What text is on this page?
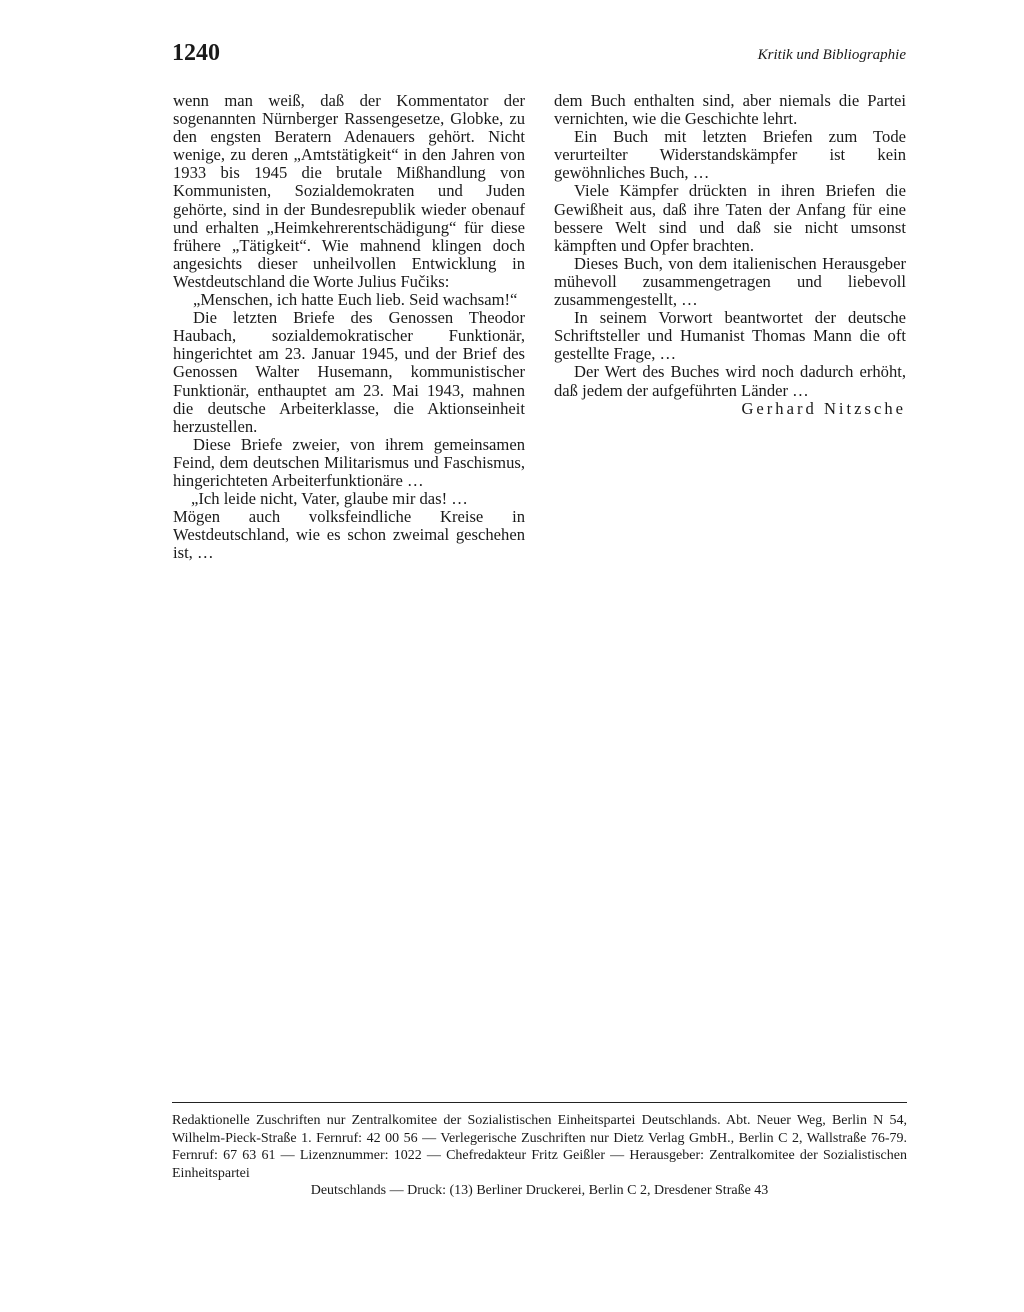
1240	Kritik und Bibliographie

wenn man weiß, daß der Kommentator der sogenannten Nürnberger Rassengesetze, Globke, zu den engsten Beratern Adenauers gehört. Nicht wenige, zu deren „Amtstätigkeit“ in den Jahren von 1933 bis 1945 die brutale Mißhandlung von Kommunisten, Sozialdemokraten und Juden gehörte, sind in der Bundesrepublik wieder obenauf und erhalten „Heimkehrerentschädigung“ für diese frühere „Tätigkeit“. Wie mahnend klingen doch angesichts dieser unheilvollen Entwicklung in Westdeutschland die Worte Julius Fučiks:

„Menschen, ich hatte Euch lieb. Seid wachsam!“

Die letzten Briefe des Genossen Theodor Haubach, sozialdemokratischer Funktionär, hingerichtet am 23. Januar 1945, und der Brief des Genossen Walter Husemann, kommunistischer Funktionär, enthauptet am 23. Mai 1943, mahnen die deutsche Arbeiterklasse, die Aktionseinheit herzustellen.

Diese Briefe zweier, von ihrem gemeinsamen Feind, dem deutschen Militarismus und Faschismus, hingerichteten Arbeiterfunktionäre …

„Ich leide nicht, Vater, glaube mir das! …

Mögen auch volksfeindliche Kreise in Westdeutschland, wie es schon zweimal geschehen ist, …

dem Buch enthalten sind, aber niemals die Partei vernichten, wie die Geschichte lehrt.

Ein Buch mit letzten Briefen zum Tode verurteilter Widerstandskämpfer ist kein gewöhnliches Buch, …

Viele Kämpfer drückten in ihren Briefen die Gewißheit aus, daß ihre Taten der Anfang für eine bessere Welt sind und daß sie nicht umsonst kämpften und Opfer brachten.

Dieses Buch, von dem italienischen Herausgeber mühevoll zusammengetragen und liebevoll zusammengestellt, …

In seinem Vorwort beantwortet der deutsche Schriftsteller und Humanist Thomas Mann die oft gestellte Frage, …

Der Wert des Buches wird noch dadurch erhöht, daß jedem der aufgeführten Länder …

Gerhard Nitzsche

Redaktionelle Zuschriften nur Zentralkomitee der Sozialistischen Einheitspartei Deutschlands. Abt. Neuer Weg, Berlin N 54, Wilhelm-Pieck-Straße 1. Fernruf: 42 00 56 — Verlegerische Zuschriften nur Dietz Verlag GmbH., Berlin C 2, Wallstraße 76-79. Fernruf: 67 63 61 — Lizenznummer: 1022 — Chefredakteur Fritz Geißler — Herausgeber: Zentralkomitee der Sozialistischen Einheitspartei
Deutschlands — Druck: (13) Berliner Druckerei, Berlin C 2, Dresdener Straße 43
